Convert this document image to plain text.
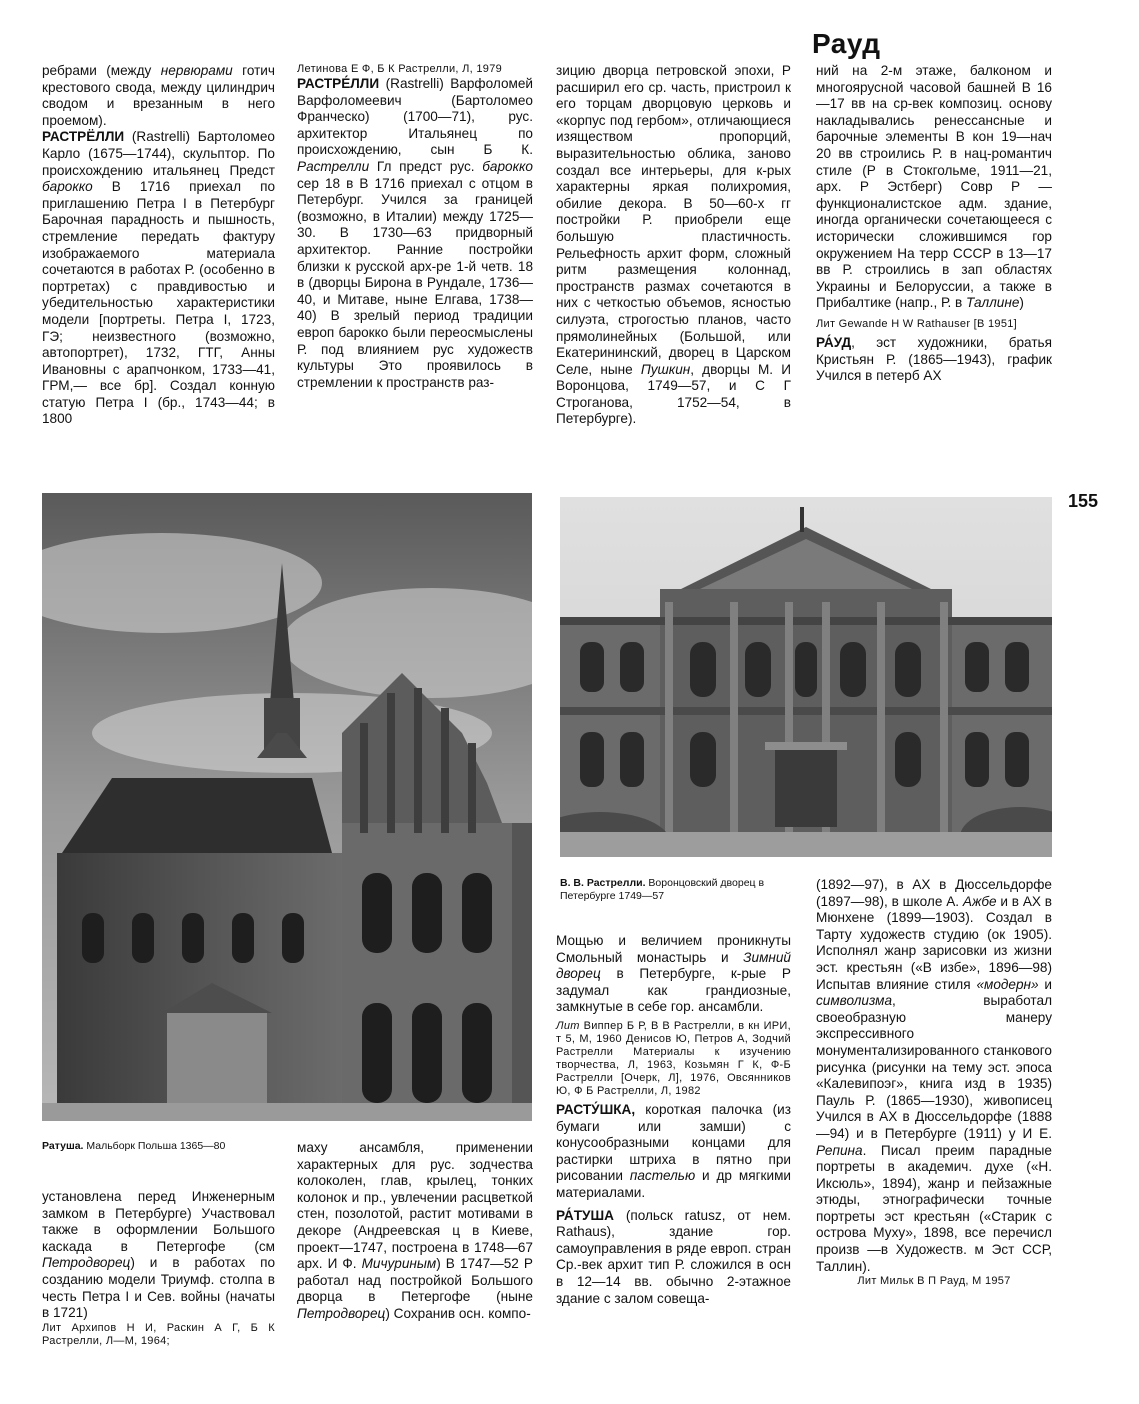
Рауд
155

ребрами (между нервюрами готич крестового свода, между цилиндрич сводом и врезанным в него проемом).

РАСТРЁЛЛИ (Rastrelli) Бартоломео Карло (1675—1744), скульптор. По происхождению итальянец Предст барокко В 1716 приехал по приглашению Петра I в Петербург Барочная парадность и пышность, стремление передать фактуру изображаемого материала сочетаются в работах Р. (особенно в портретах) с правдивостью и убедительностью характеристики модели [портреты. Петра I, 1723, ГЭ; неизвестного (возможно, автопортрет), 1732, ГТГ, Анны Ивановны с арапчонком, 1733—41, ГРМ,— все бр]. Создал конную статую Петра I (бр., 1743—44; в 1800

Летинова Е Ф, Б К Растрелли, Л, 1979

РАСТРЕ́ЛЛИ (Rastrelli) Варфоломей Варфоломеевич (Бартоломео Франческо) (1700—71), рус. архитектор Итальянец по происхождению, сын Б К. Растрелли Гл предст рус. барокко сер 18 в В 1716 приехал с отцом в Петербург. Учился за границей (возможно, в Италии) между 1725—30. В 1730—63 придворный архитектор. Ранние постройки близки к русской арх-ре 1-й четв. 18 в (дворцы Бирона в Рундале, 1736—40, и Митаве, ныне Елгава, 1738—40) В зрелый период традиции европ барокко были переосмыслены Р. под влиянием рус художеств культуры Это проявилось в стремлении к пространств раз-

зицию дворца петровской эпохи, Р расширил его ср. часть, пристроил к его торцам дворцовую церковь и «корпус под гербом», отличающиеся изяществом пропорций, выразительностью облика, заново создал все интерьеры, для к-рых характерны яркая полихромия, обилие декора. В 50—60-х гг постройки Р. приобрели еще большую пластичность. Рельефность архит форм, сложный ритм размещения колоннад, пространств размах сочетаются в них с четкостью объемов, ясностью силуэта, строгостью планов, часто прямолинейных (Большой, или Екатерининский, дворец в Царском Селе, ныне Пушкин, дворцы М. И Воронцова, 1749—57, и С Г Строганова, 1752—54, в Петербурге).

ний на 2-м этаже, балконом и многоярусной часовой башней В 16—17 вв на ср-век композиц. основу накладывались ренессансные и барочные элементы В кон 19—нач 20 вв строились Р. в нац-романтич стиле (Р в Стокгольме, 1911—21, арх. Р Эстберг) Совр Р — функционалистское адм. здание, иногда органически сочетающееся с исторически сложившимся гор окружением На терр СССР в 13—17 вв Р. строились в зап областях Украины и Белоруссии, а также в Прибалтике (напр., Р. в Таллине)

Лит Gewande H W Rathauser [B 1951]

РА́УД, эст художники, братья Кристьян Р. (1865—1943), график Учился в петерб АХ

Ратуша. Мальборк Польша 1365—80
В. В. Растрелли. Воронцовский дворец в Петербурге 1749—57

установлена перед Инженерным замком в Петербурге) Участвовал также в оформлении Большого каскада в Петергофе (см Петродворец) и в работах по созданию модели Триумф. столпа в честь Петра I и Сев. войны (начаты в 1721)

Лит Архипов Н И, Раскин А Г, Б К Растрелли, Л—М, 1964;

маху ансамбля, применении характерных для рус. зодчества колоколен, глав, крылец, тонких колонок и пр., увлечении расцветкой стен, позолотой, растит мотивами в декоре (Андреевская ц в Киеве, проект—1747, построена в 1748—67 арх. И Ф. Мичуриным) В 1747—52 Р работал над постройкой Большого дворца в Петергофе (ныне Петродворец) Сохранив осн. компо-

Мощью и величием проникнуты Смольный монастырь и Зимний дворец в Петербурге, к-рые Р задумал как грандиозные, замкнутые в себе гор. ансамбли.

Лит Виппер Б Р, В В Растрелли, в кн ИРИ, т 5, М, 1960 Денисов Ю, Петров А, Зодчий Растрелли Материалы к изучению творчества, Л, 1963, Козьмян Г К, Ф-Б Растрелли [Очерк, Л], 1976, Овсянников Ю, Ф Б Растрелли, Л, 1982

РАСТУ́ШКА, короткая палочка (из бумаги или замши) с конусообразными концами для растирки штриха в пятно при рисовании пастелью и др мягкими материалами.

РА́ТУША (польск ratusz, от нем. Rathaus), здание гор. самоуправления в ряде европ. стран Ср.-век архит тип Р. сложился в осн в 12—14 вв. обычно 2-этажное здание с залом совеща-

(1892—97), в АХ в Дюссельдорфе (1897—98), в школе А. Ажбе и в АХ в Мюнхене (1899—1903). Создал в Тарту художеств студию (ок 1905). Исполнял жанр зарисовки из жизни эст. крестьян («В избе», 1896—98) Испытав влияние стиля «модерн» и символизма, выработал своеобразную манеру экспрессивного монументализированного станкового рисунка (рисунки на тему эст. эпоса «Калевипоэг», книга изд в 1935) Пауль Р. (1865—1930), живописец Учился в АХ в Дюссельдорфе (1888—94) и в Петербурге (1911) у И Е. Репина. Писал преим парадные портреты в академич. духе («Н. Иксюль», 1894), жанр и пейзажные этюды, этнографически точные портреты эст крестьян («Старик с острова Муху», 1898, все перечисл произв —в Художеств. м Эст ССР, Таллин).

Лит Мильк В П Рауд, М 1957
